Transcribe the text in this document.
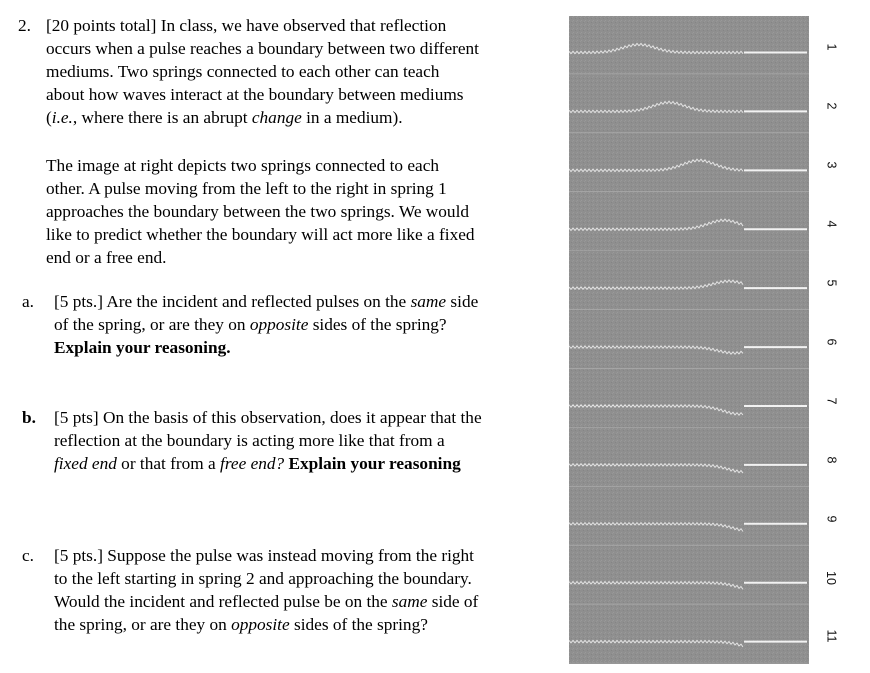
2. [20 points total] In class, we have observed that reflection
occurs when a pulse reaches a boundary between two different
mediums. Two springs connected to each other can teach
about how waves interact at the boundary between mediums
(i.e., where there is an abrupt change in a medium).
The image at right depicts two springs connected to each
other. A pulse moving from the left to the right in spring 1
approaches the boundary between the two springs. We would
like to predict whether the boundary will act more like a fixed
end or a free end.
a. [5 pts.] Are the incident and reflected pulses on the same side
of the spring, or are they on opposite sides of the spring?
Explain your reasoning.
b. [5 pts] On the basis of this observation, does it appear that the
reflection at the boundary is acting more like that from a
fixed end or that from a free end? Explain your reasoning
c. [5 pts.] Suppose the pulse was instead moving from the right
to the left starting in spring 2 and approaching the boundary.
Would the incident and reflected pulse be on the same side of
the spring, or are they on opposite sides of the spring?
1
2
3
4
5
6
7
8
9
10
11
